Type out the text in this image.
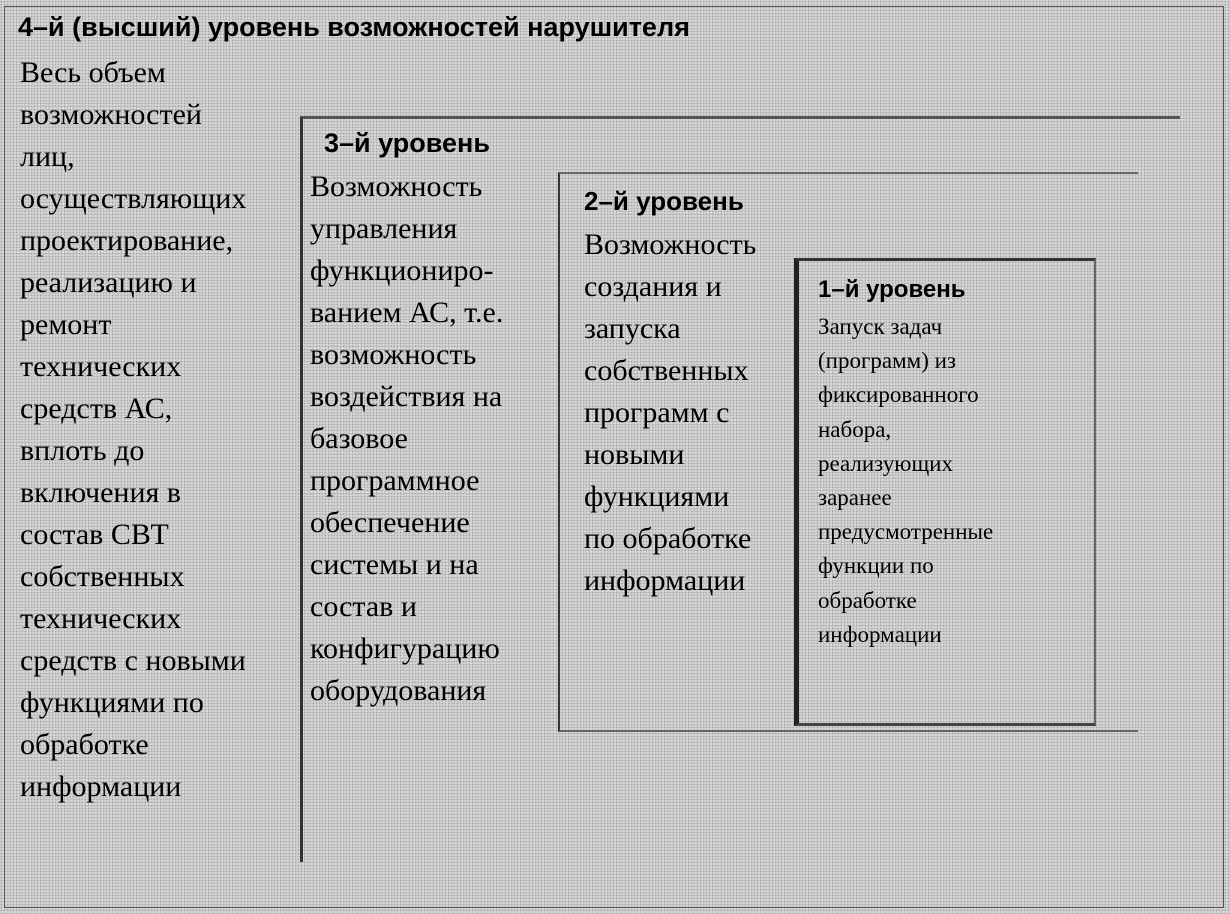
4–й (высший) уровень возможностей нарушителя
Весь объем
возможностей
лиц,
осуществляющих
проектирование,
реализацию и
ремонт
технических
средств АС,
вплоть до
включения в
состав СВТ
собственных
технических
средств с новыми
функциями по
обработке
информации
3–й уровень
Возможность
управления
функциониро-
ванием АС, т.е.
возможность
воздействия на
базовое
программное
обеспечение
системы и на
состав и
конфигурацию
оборудования
2–й уровень
Возможность
создания и
запуска
собственных
программ с
новыми
функциями
по обработке
информации
1–й уровень
Запуск задач
(программ) из
фиксированного
набора,
реализующих
заранее
предусмотренные
функции по
обработке
информации
